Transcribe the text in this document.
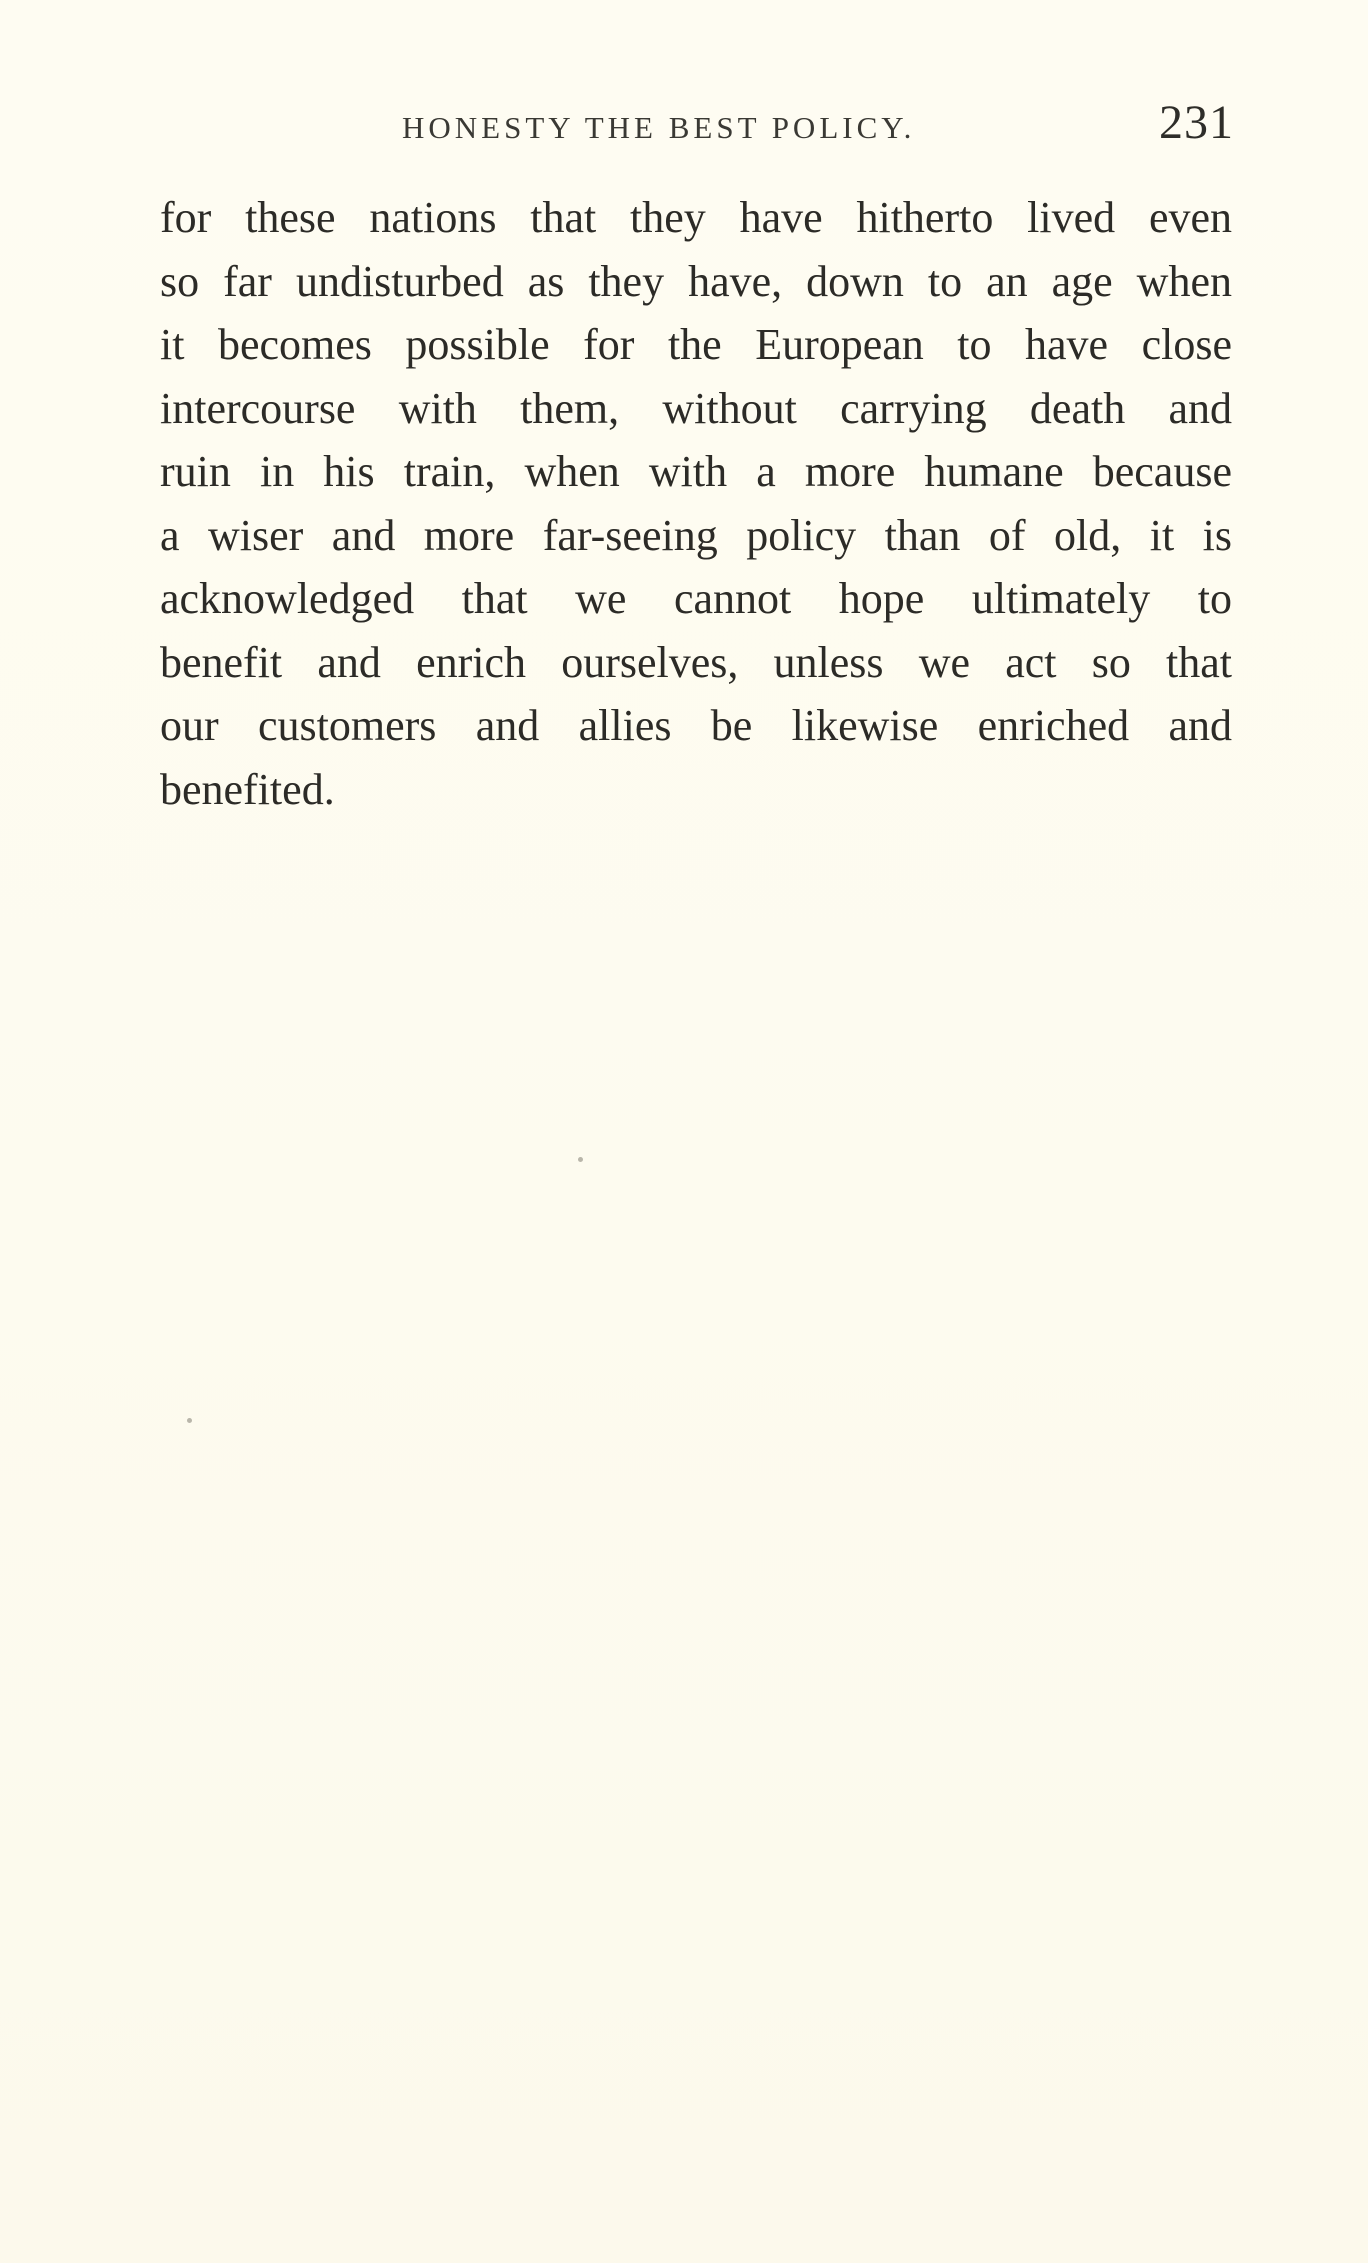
HONESTY THE BEST POLICY.	231
for these nations that they have hitherto lived even
so far undisturbed as they have, down to an age when
it becomes possible for the European to have close
intercourse with them, without carrying death and
ruin in his train, when with a more humane because
a wiser and more far-seeing policy than of old, it is
acknowledged that we cannot hope ultimately to
benefit and enrich ourselves, unless we act so that
our customers and allies be likewise enriched and
benefited.
